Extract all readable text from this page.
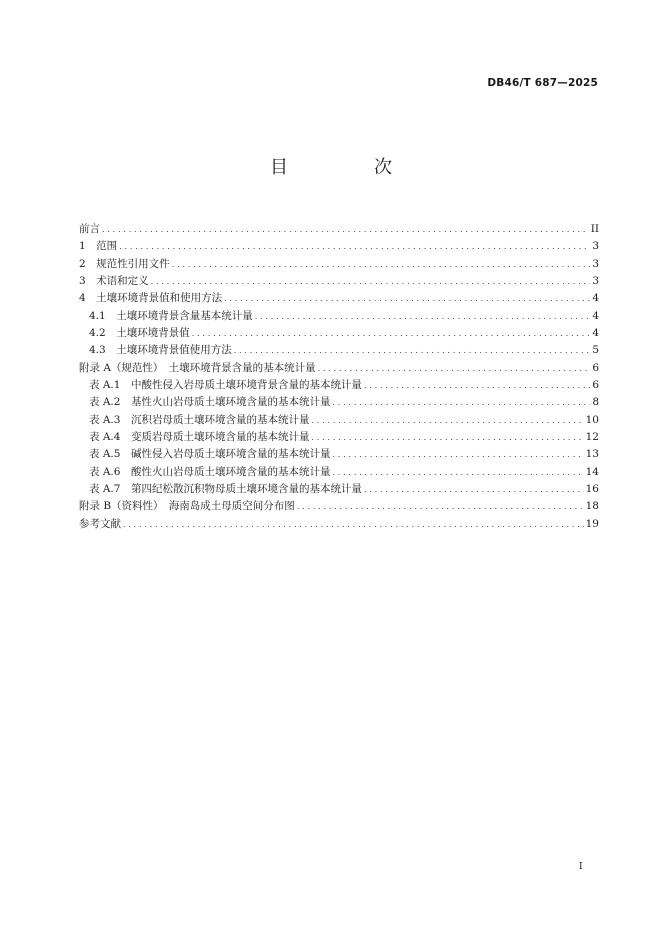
DB46/T 687—2025
目　次
前言 .....	II
1　范围 .....	3
2　规范性引用文件 .....	3
3　术语和定义 .....	3
4　土壤环境背景值和使用方法 .....	4
4.1　土壤环境背景含量基本统计量 .....	4
4.2　土壤环境背景值 .....	4
4.3　土壤环境背景值使用方法 .....	5
附录 A（规范性）　土壤环境背景含量的基本统计量 .....	6
表 A.1　中酸性侵入岩母质土壤环境背景含量的基本统计量 .....	6
表 A.2　基性火山岩母质土壤环境含量的基本统计量 .....	8
表 A.3　沉积岩母质土壤环境含量的基本统计量 .....	10
表 A.4　变质岩母质土壤环境含量的基本统计量 .....	12
表 A.5　碱性侵入岩母质土壤环境含量的基本统计量 .....	13
表 A.6　酸性火山岩母质土壤环境含量的基本统计量 .....	14
表 A.7　第四纪松散沉积物母质土壤环境含量的基本统计量 .....	16
附录 B（资料性）　海南岛成土母质空间分布图 .....	18
参考文献 .....	19
I
